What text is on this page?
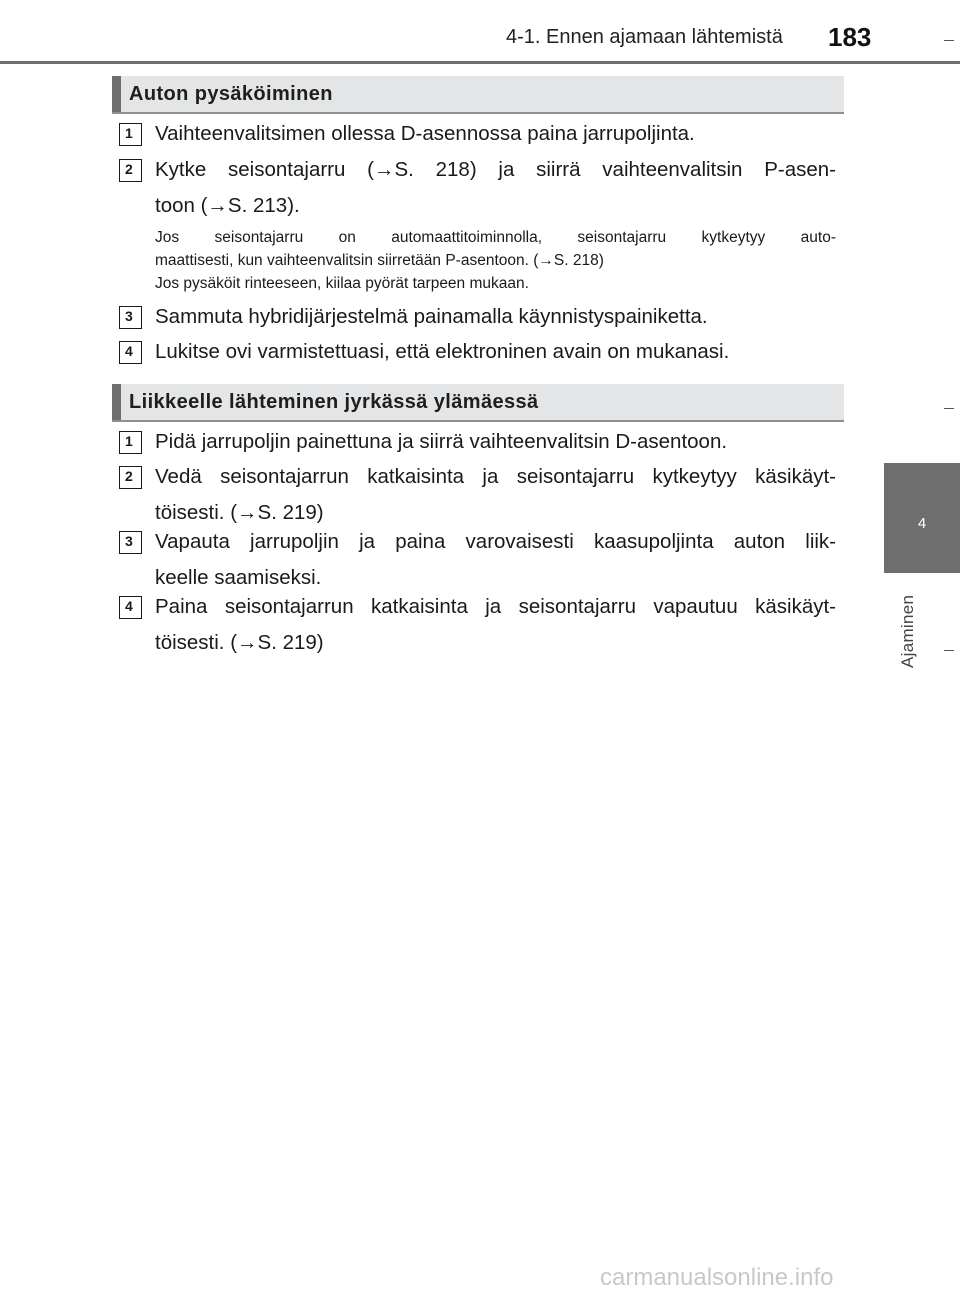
4-1. Ennen ajamaan lähtemistä 183
4
Ajaminen
Auton pysäköiminen
1 Vaihteenvalitsimen ollessa D-asennossa paina jarrupoljinta.
2 Kytke seisontajarru (→S. 218) ja siirrä vaihteenvalitsin P-asen-
toon (→S. 213).
Jos seisontajarru on automaattitoiminnolla, seisontajarru kytkeytyy auto-
maattisesti, kun vaihteenvalitsin siirretään P-asentoon. (→S. 218)
Jos pysäköit rinteeseen, kiilaa pyörät tarpeen mukaan.
3 Sammuta hybridijärjestelmä painamalla käynnistyspainiketta.
4 Lukitse ovi varmistettuasi, että elektroninen avain on mukanasi.
Liikkeelle lähteminen jyrkässä ylämäessä
1 Pidä jarrupoljin painettuna ja siirrä vaihteenvalitsin D-asentoon.
2 Vedä seisontajarrun katkaisinta ja seisontajarru kytkeytyy käsikäyt-
töisesti. (→S. 219)
3 Vapauta jarrupoljin ja paina varovaisesti kaasupoljinta auton liik-
keelle saamiseksi.
4 Paina seisontajarrun katkaisinta ja seisontajarru vapautuu käsikäyt-
töisesti. (→S. 219)
carmanualsonline.info
